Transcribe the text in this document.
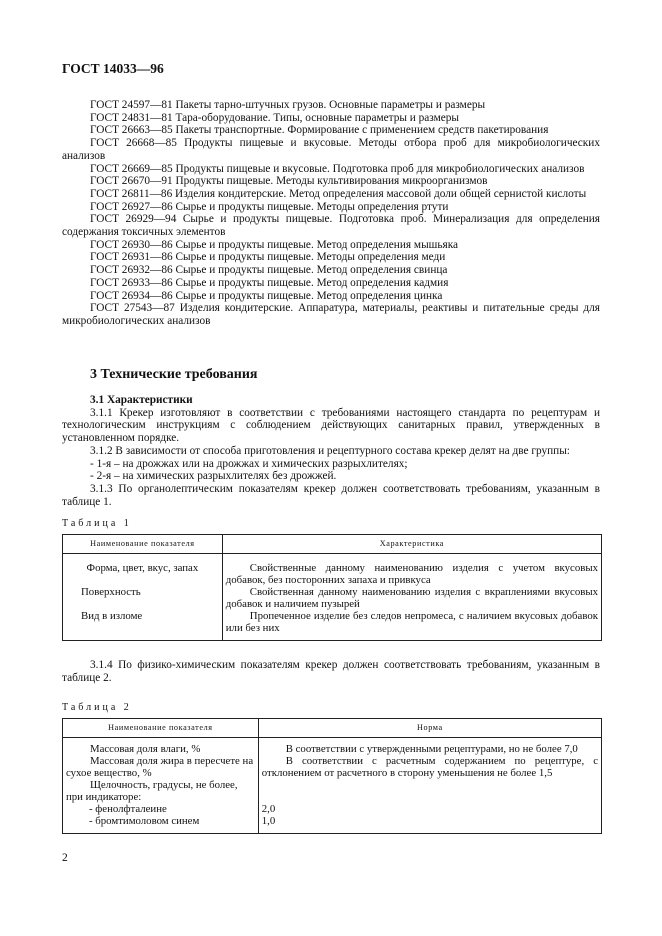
ГОСТ 14033—96

ГОСТ 24597—81 Пакеты тарно-штучных грузов. Основные параметры и размеры

ГОСТ 24831—81 Тара-оборудование. Типы, основные параметры и размеры

ГОСТ 26663—85 Пакеты транспортные. Формирование с применением средств пакетирования

ГОСТ 26668—85 Продукты пищевые и вкусовые. Методы отбора проб для микробиологических анализов

ГОСТ 26669—85 Продукты пищевые и вкусовые. Подготовка проб для микробиологических анализов

ГОСТ 26670—91 Продукты пищевые. Методы культивирования микроорганизмов

ГОСТ 26811—86 Изделия кондитерские. Метод определения массовой доли общей сернистой кислоты

ГОСТ 26927—86 Сырье и продукты пищевые. Методы определения ртути

ГОСТ 26929—94 Сырье и продукты пищевые. Подготовка проб. Минерализация для определения содержания токсичных элементов

ГОСТ 26930—86 Сырье и продукты пищевые. Метод определения мышьяка

ГОСТ 26931—86 Сырье и продукты пищевые. Методы определения меди

ГОСТ 26932—86 Сырье и продукты пищевые. Метод определения свинца

ГОСТ 26933—86 Сырье и продукты пищевые. Метод определения кадмия

ГОСТ 26934—86 Сырье и продукты пищевые. Метод определения цинка

ГОСТ 27543—87 Изделия кондитерские. Аппаратура, материалы, реактивы и питательные среды для микробиологических анализов

3 Технические требования

3.1 Характеристики

3.1.1 Крекер изготовляют в соответствии с требованиями настоящего стандарта по рецептурам и технологическим инструкциям с соблюдением действующих санитарных правил, утвержденных в установленном порядке.

3.1.2 В зависимости от способа приготовления и рецептурного состава крекер делят на две группы:

- 1-я – на дрожжах или на дрожжах и химических разрыхлителях;

- 2-я – на химических разрыхлителях без дрожжей.

3.1.3 По органолептическим показателям крекер должен соответствовать требованиям, указанным в таблице 1.

Таблица 1
Наименование показателя	Характеристика
Форма, цвет, вкус, запах	Свойственные данному наименованию изделия с учетом вкусовых добавок, без посторонних запаха и привкуса
Поверхность	Свойственная данному наименованию изделия с вкраплениями вкусовых добавок и наличием пузырей
Вид в изломе	Пропеченное изделие без следов непромеса, с наличием вкусовых добавок или без них

3.1.4 По физико-химическим показателям крекер должен соответствовать требованиям, указанным в таблице 2.

Таблица 2
Наименование показателя	Норма
Массовая доля влаги, %	В соответствии с утвержденными рецептурами, но не более 7,0
Массовая доля жира в пересчете на сухое вещество, %	В соответствии с расчетным содержанием по рецептуре, с отклонением от расчетного в сторону уменьшения не более 1,5
Щелочность, градусы, не более, при индикаторе:	
- фенолфталеине	2,0
- бромтимоловом синем	1,0
2
